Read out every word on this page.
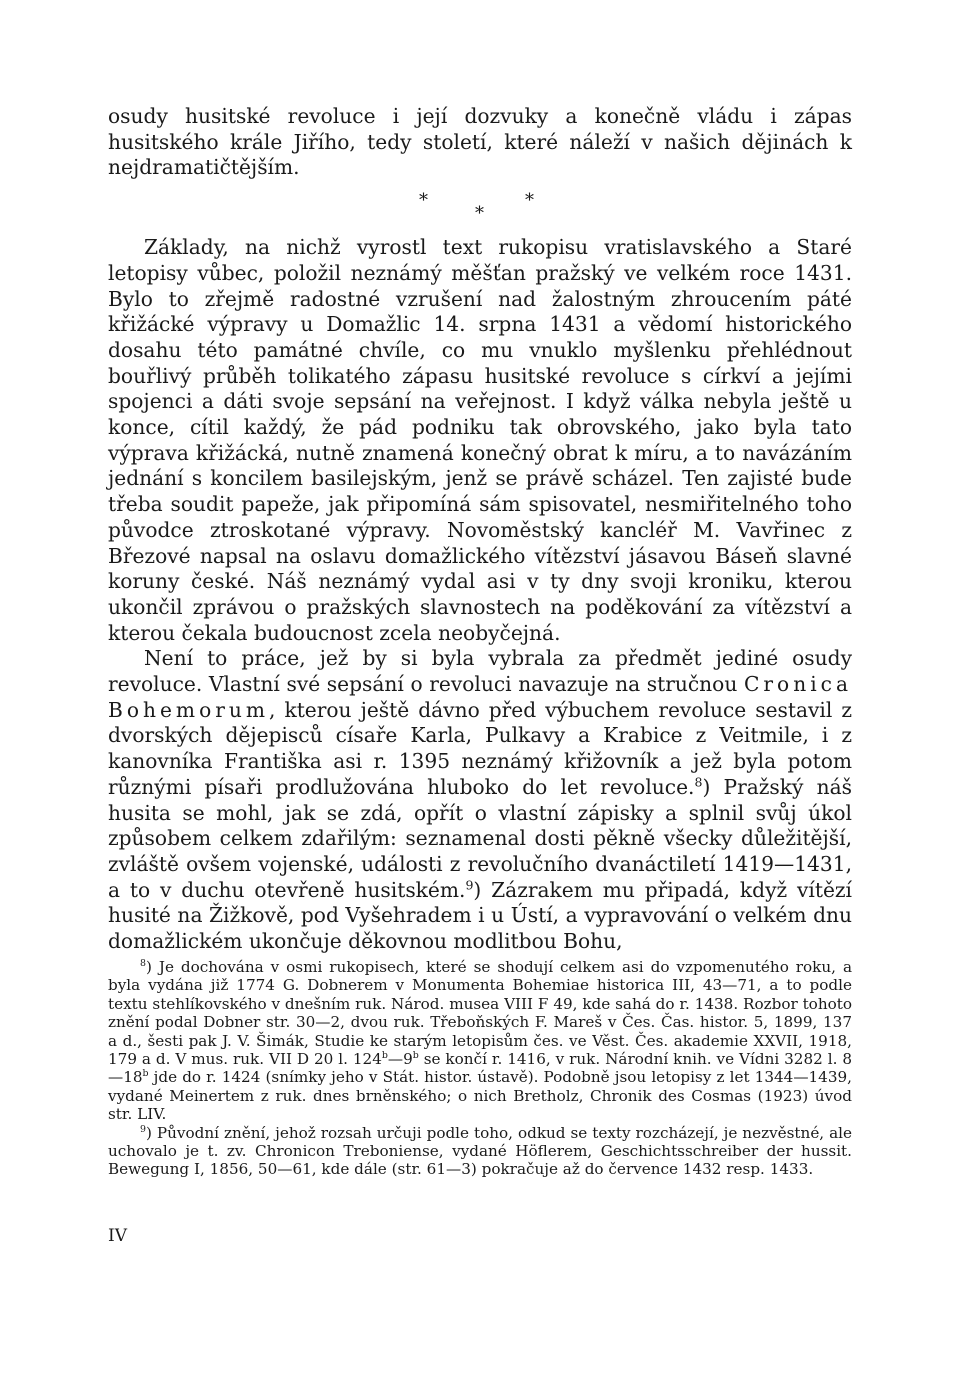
osudy husitské revoluce i její dozvuky a konečně vládu i zápas husitského krále Jiřího, tedy století, které náleží v našich dějinách k nejdramatičtějším.

*
*
*

Základy, na nichž vyrostl text rukopisu vratislavského a Staré letopisy vůbec, položil neznámý měšťan pražský ve velkém roce 1431. Bylo to zřejmě radostné vzrušení nad žalostným zhroucením páté křižácké výpravy u Domažlic 14. srpna 1431 a vědomí historického dosahu této památné chvíle, co mu vnuklo myšlenku přehlédnout bouřlivý průběh tolikatého zápasu husitské revoluce s církví a jejími spojenci a dáti svoje sepsání na veřejnost. I když válka nebyla ještě u konce, cítil každý, že pád podniku tak obrovského, jako byla tato výprava křižácká, nutně znamená konečný obrat k míru, a to navázáním jednání s koncilem basilejským, jenž se právě scházel. Ten zajisté bude třeba soudit papeže, jak připomíná sám spisovatel, nesmiřitelného toho původce ztroskotané výpravy. Novoměstský kancléř M. Vavřinec z Březové napsal na oslavu domažlického vítězství jásavou Báseň slavné koruny české. Náš neznámý vydal asi v ty dny svoji kroniku, kterou ukončil zprávou o pražských slavnostech na poděkování za vítězství a kterou čekala budoucnost zcela neobyčejná.

Není to práce, jež by si byla vybrala za předmět jediné osudy revoluce. Vlastní své sepsání o revoluci navazuje na stručnou Cronica Bohemorum, kterou ještě dávno před výbuchem revoluce sestavil z dvorských dějepisců císaře Karla, Pulkavy a Krabice z Veitmile, i z kanovníka Františka asi r. 1395 neznámý křižovník a jež byla potom různými písaři prodlužována hluboko do let revoluce.$^8$) Pražský náš husita se mohl, jak se zdá, opřít o vlastní zápisky a splnil svůj úkol způsobem celkem zdařilým: seznamenal dosti pěkně všecky důležitější, zvláště ovšem vojenské, události z revolučního dvanáctiletí 1419—1431, a to v duchu otevřeně husitském.$^9$) Zázrakem mu připadá, když vítězí husité na Žižkově, pod Vyšehradem i u Ústí, a vypravování o velkém dnu domažlickém ukončuje děkovnou modlitbou Bohu,

$^8$) Je dochována v osmi rukopisech, které se shodují celkem asi do vzpomenutého roku, a byla vydána již 1774 G. Dobnerem v Monumenta Bohemiae historica III, 43—71, a to podle textu stehlíkovského v dnešním ruk. Národ. musea VIII F 49, kde sahá do r. 1438. Rozbor tohoto znění podal Dobner str. 30—2, dvou ruk. Třeboňských F. Mareš v Čes. Čas. histor. 5, 1899, 137 a d., šesti pak J. V. Šimák, Studie ke starým letopisům čes. ve Věst. Čes. akademie XXVII, 1918, 179 a d. V mus. ruk. VII D 20 l. 124$^b$—9$^b$ se končí r. 1416, v ruk. Národní knih. ve Vídni 3282 l. 8—18$^b$ jde do r. 1424 (snímky jeho v Stát. histor. ústavě). Podobně jsou letopisy z let 1344—1439, vydané Meinertem z ruk. dnes brněnského; o nich Bretholz, Chronik des Cosmas (1923) úvod str. LIV.

$^9$) Původní znění, jehož rozsah určuji podle toho, odkud se texty rozcházejí, je nezvěstné, ale uchovalo je t. zv. Chronicon Treboniense, vydané Höflerem, Geschichtsschreiber der hussit. Bewegung I, 1856, 50—61, kde dále (str. 61—3) pokračuje až do července 1432 resp. 1433.

IV
